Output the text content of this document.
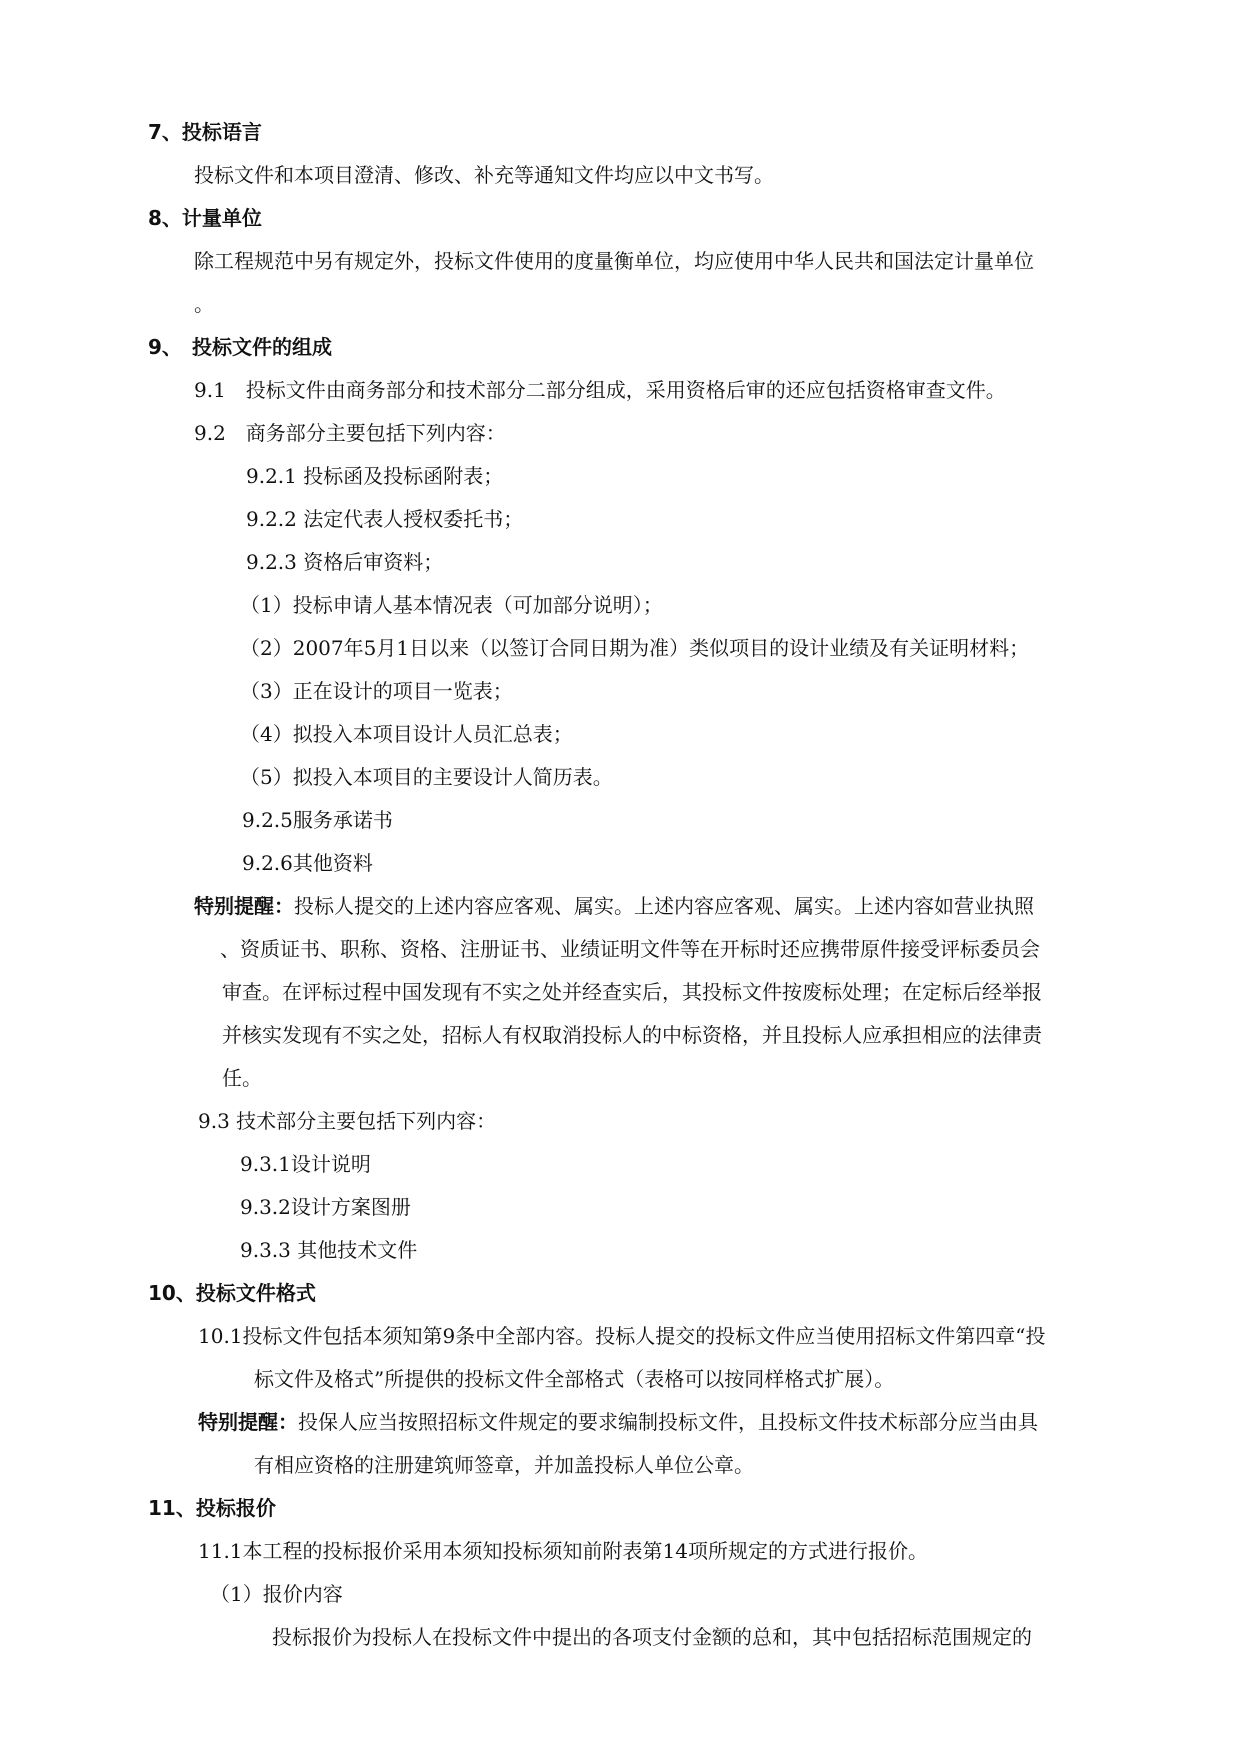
7、投标语言
投标文件和本项目澄清、修改、补充等通知文件均应以中文书写。
8、计量单位
除工程规范中另有规定外，投标文件使用的度量衡单位，均应使用中华人民共和国法定计量单位
。
9、 投标文件的组成
9.1　投标文件由商务部分和技术部分二部分组成，采用资格后审的还应包括资格审查文件。
9.2　商务部分主要包括下列内容：
9.2.1 投标函及投标函附表；
9.2.2 法定代表人授权委托书；
9.2.3 资格后审资料；
（1）投标申请人基本情况表（可加部分说明）；
（2）2007年5月1日以来（以签订合同日期为准）类似项目的设计业绩及有关证明材料；
（3）正在设计的项目一览表；
（4）拟投入本项目设计人员汇总表；
（5）拟投入本项目的主要设计人简历表。
9.2.5服务承诺书
9.2.6其他资料
特别提醒：投标人提交的上述内容应客观、属实。上述内容应客观、属实。上述内容如营业执照
、资质证书、职称、资格、注册证书、业绩证明文件等在开标时还应携带原件接受评标委员会
审查。在评标过程中国发现有不实之处并经查实后，其投标文件按废标处理；在定标后经举报
并核实发现有不实之处，招标人有权取消投标人的中标资格，并且投标人应承担相应的法律责
任。
9.3 技术部分主要包括下列内容：
9.3.1设计说明
9.3.2设计方案图册
9.3.3 其他技术文件
10、投标文件格式
10.1投标文件包括本须知第9条中全部内容。投标人提交的投标文件应当使用招标文件第四章“投
标文件及格式”所提供的投标文件全部格式（表格可以按同样格式扩展）。
特别提醒：投保人应当按照招标文件规定的要求编制投标文件，且投标文件技术标部分应当由具
有相应资格的注册建筑师签章，并加盖投标人单位公章。
11、投标报价
11.1本工程的投标报价采用本须知投标须知前附表第14项所规定的方式进行报价。
（1）报价内容
投标报价为投标人在投标文件中提出的各项支付金额的总和，其中包括招标范围规定的
